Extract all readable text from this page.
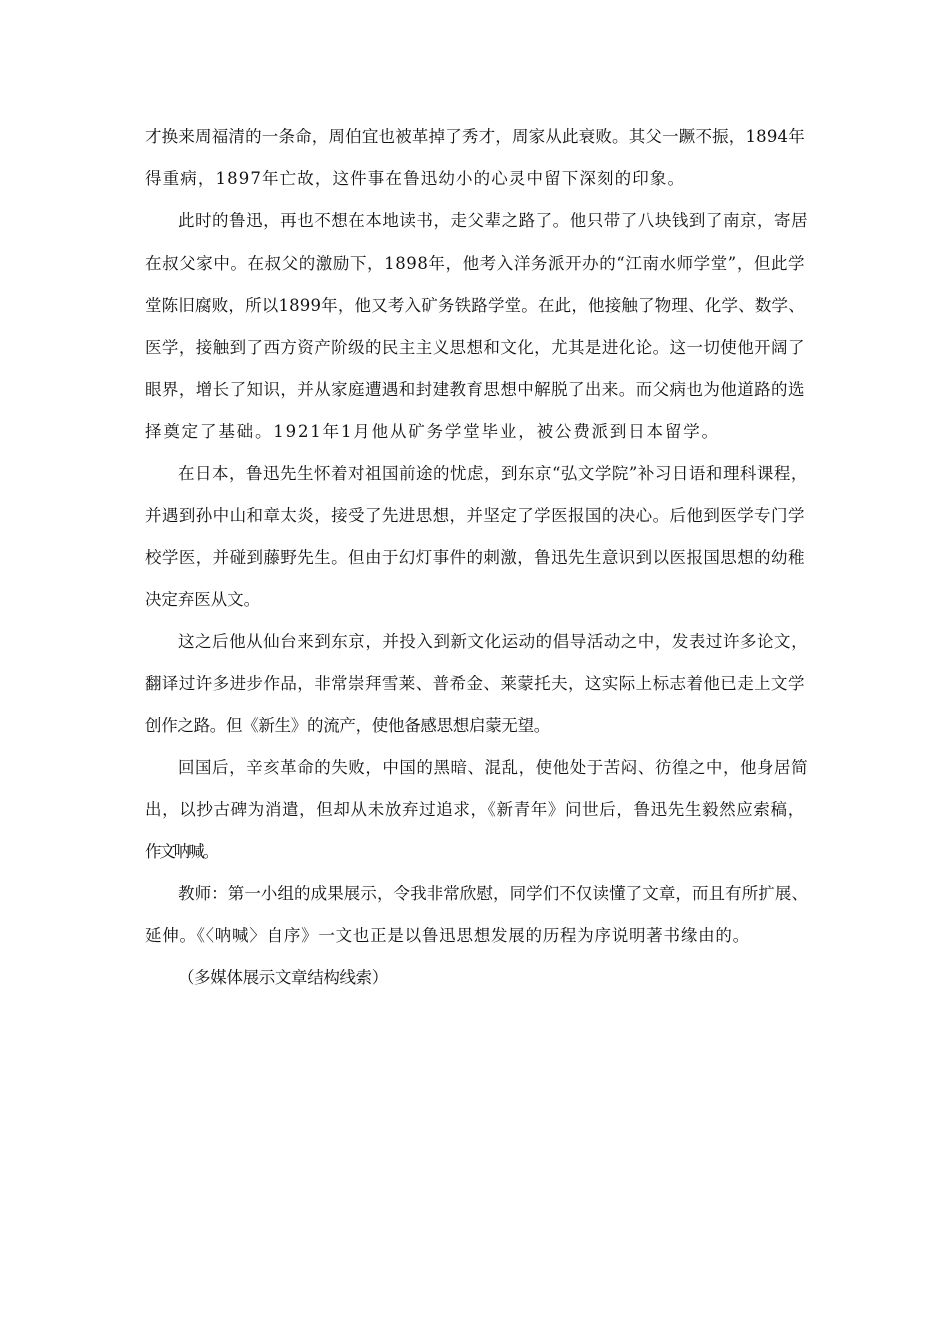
才换来周福清的一条命，周伯宜也被革掉了秀才，周家从此衰败。其父一蹶不振，1894年
得重病，1897年亡故，这件事在鲁迅幼小的心灵中留下深刻的印象。
此时的鲁迅，再也不想在本地读书，走父辈之路了。他只带了八块钱到了南京，寄居
在叔父家中。在叔父的激励下，1898年，他考入洋务派开办的“江南水师学堂”，但此学
堂陈旧腐败，所以1899年，他又考入矿务铁路学堂。在此，他接触了物理、化学、数学、
医学，接触到了西方资产阶级的民主主义思想和文化，尤其是进化论。这一切使他开阔了
眼界，增长了知识，并从家庭遭遇和封建教育思想中解脱了出来。而父病也为他道路的选
择奠定了基础。1921年1月他从矿务学堂毕业，被公费派到日本留学。
在日本，鲁迅先生怀着对祖国前途的忧虑，到东京“弘文学院”补习日语和理科课程，
并遇到孙中山和章太炎，接受了先进思想，并坚定了学医报国的决心。后他到医学专门学
校学医，并碰到藤野先生。但由于幻灯事件的刺激，鲁迅先生意识到以医报国思想的幼稚
决定弃医从文。
这之后他从仙台来到东京，并投入到新文化运动的倡导活动之中，发表过许多论文，
翻译过许多进步作品，非常崇拜雪莱、普希金、莱蒙托夫，这实际上标志着他已走上文学
创作之路。但《新生》的流产，使他备感思想启蒙无望。
回国后，辛亥革命的失败，中国的黑暗、混乱，使他处于苦闷、彷徨之中，他身居简
出，以抄古碑为消遣，但却从未放弃过追求，《新青年》问世后，鲁迅先生毅然应索稿，
作文呐喊。
教师：第一小组的成果展示，令我非常欣慰，同学们不仅读懂了文章，而且有所扩展、
延伸。《〈呐喊〉自序》一文也正是以鲁迅思想发展的历程为序说明著书缘由的。
（多媒体展示文章结构线索）
